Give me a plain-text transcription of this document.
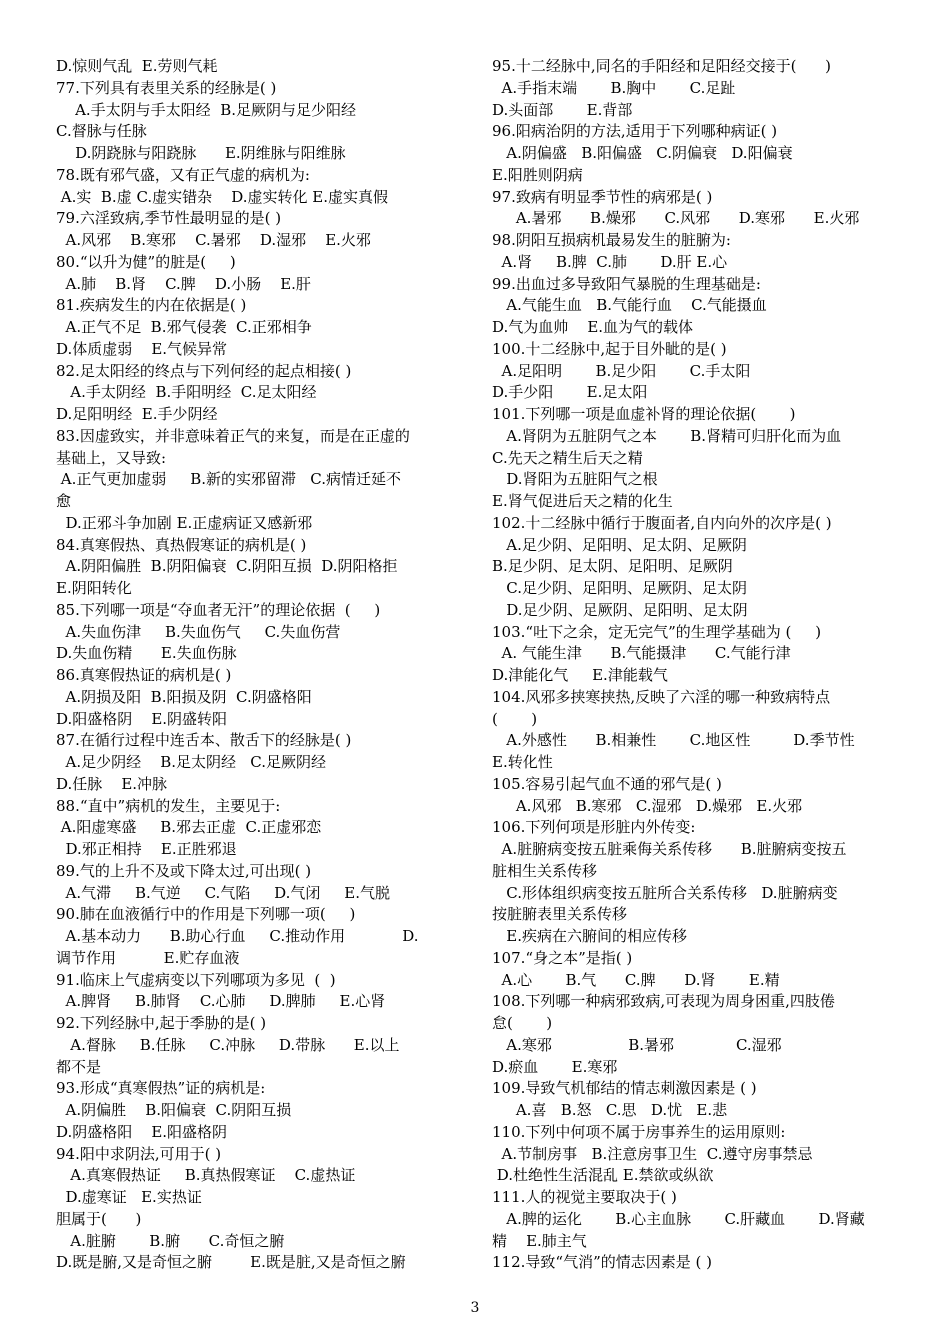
D.惊则气乱  E.劳则气耗
77.下列具有表里关系的经脉是( )
A.手太阴与手太阳经  B.足厥阴与足少阳经
C.督脉与任脉
D.阴跷脉与阳跷脉      E.阴维脉与阳维脉
78.既有邪气盛，又有正气虚的病机为:
A.实  B.虚 C.虚实错杂    D.虚实转化 E.虚实真假
79.六淫致病,季节性最明显的是( )
A.风邪    B.寒邪    C.暑邪    D.湿邪    E.火邪
80.“以升为健”的脏是(     )
A.肺    B.肾    C.脾    D.小肠    E.肝
81.疾病发生的内在依据是( )
A.正气不足  B.邪气侵袭  C.正邪相争
D.体质虚弱    E.气候异常
82.足太阳经的终点与下列何经的起点相接( )
A.手太阴经  B.手阳明经  C.足太阳经
D.足阳明经  E.手少阴经
83.因虚致实，并非意味着正气的来复，而是在正虚的
基础上，又导致:
A.正气更加虚弱     B.新的实邪留滞   C.病情迁延不
愈
D.正邪斗争加剧 E.正虚病证又感新邪
84.真寒假热、真热假寒证的病机是( )
A.阴阳偏胜  B.阴阳偏衰  C.阴阳互损  D.阴阳格拒
E.阴阳转化
85.下列哪一项是“夺血者无汗”的理论依据  (     )
A.失血伤津     B.失血伤气     C.失血伤营
D.失血伤精      E.失血伤脉
86.真寒假热证的病机是( )
A.阴损及阳  B.阳损及阴  C.阴盛格阳
D.阳盛格阴    E.阴盛转阳
87.在循行过程中连舌本、散舌下的经脉是( )
A.足少阴经    B.足太阴经   C.足厥阴经
D.任脉    E.冲脉
88.“直中”病机的发生，主要见于:
A.阳虚寒盛     B.邪去正虚  C.正虚邪恋
D.邪正相持    E.正胜邪退
89.气的上升不及或下降太过,可出现( )
A.气滞     B.气逆     C.气陷     D.气闭     E.气脱
90.肺在血液循行中的作用是下列哪一项(     )
A.基本动力      B.助心行血     C.推动作用            D.
调节作用          E.贮存血液
91.临床上气虚病变以下列哪项为多见  (  )
A.脾肾     B.肺肾    C.心肺     D.脾肺     E.心肾
92.下列经脉中,起于季胁的是( )
A.督脉     B.任脉     C.冲脉     D.带脉      E.以上
都不是
93.形成“真寒假热”证的病机是:
A.阴偏胜    B.阳偏衰  C.阴阳互损
D.阴盛格阳    E.阳盛格阴
94.阳中求阴法,可用于( )
A.真寒假热证     B.真热假寒证    C.虚热证
D.虚寒证   E.实热证
胆属于(      )
A.脏腑       B.腑      C.奇恒之腑
D.既是腑,又是奇恒之腑        E.既是脏,又是奇恒之腑
95.十二经脉中,同名的手阳经和足阳经交接于(      )
A.手指末端       B.胸中       C.足趾
D.头面部       E.背部
96.阳病治阴的方法,适用于下列哪种病证( )
A.阴偏盛   B.阳偏盛   C.阴偏衰   D.阳偏衰
E.阳胜则阴病
97.致病有明显季节性的病邪是( )
A.暑邪      B.燥邪      C.风邪      D.寒邪      E.火邪
98.阴阳互损病机最易发生的脏腑为:
A.肾     B.脾  C.肺       D.肝 E.心
99.出血过多导致阳气暴脱的生理基础是:
A.气能生血   B.气能行血    C.气能摄血
D.气为血帅    E.血为气的载体
100.十二经脉中,起于目外眦的是( )
A.足阳明       B.足少阳       C.手太阳
D.手少阳       E.足太阳
101.下列哪一项是血虚补肾的理论依据(       )
A.肾阴为五脏阴气之本       B.肾精可归肝化而为血
C.先天之精生后天之精
D.肾阳为五脏阳气之根
E.肾气促进后天之精的化生
102.十二经脉中循行于腹面者,自内向外的次序是( )
A.足少阴、足阳明、足太阴、足厥阴
B.足少阴、足太阴、足阳明、足厥阴
C.足少阴、足阳明、足厥阴、足太阴
D.足少阴、足厥阴、足阳明、足太阴
103.“吐下之余，定无完气”的生理学基础为 (     )
A. 气能生津      B.气能摄津      C.气能行津
D.津能化气     E.津能载气
104.风邪多挟寒挟热,反映了六淫的哪一种致病特点
(       )
A.外感性      B.相兼性       C.地区性         D.季节性
E.转化性
105.容易引起气血不通的邪气是( )
A.风邪   B.寒邪   C.湿邪   D.燥邪   E.火邪
106.下列何项是形脏内外传变:
A.脏腑病变按五脏乘侮关系传移      B.脏腑病变按五
脏相生关系传移
C.形体组织病变按五脏所合关系传移   D.脏腑病变
按脏腑表里关系传移
E.疾病在六腑间的相应传移
107.“身之本”是指( )
A.心       B.气      C.脾      D.肾       E.精
108.下列哪一种病邪致病,可表现为周身困重,四肢倦
怠(       )
A.寒邪                B.暑邪             C.湿邪
D.瘀血       E.寒邪
109.导致气机郁结的情志刺激因素是 ( )
A.喜   B.怒   C.思   D.忧   E.悲
110.下列中何项不属于房事养生的运用原则:
A.节制房事   B.注意房事卫生  C.遵守房事禁忌
D.杜绝性生活混乱 E.禁欲或纵欲
111.人的视觉主要取决于( )
A.脾的运化       B.心主血脉       C.肝藏血       D.肾藏
精    E.肺主气
112.导致“气消”的情志因素是 ( )
3
